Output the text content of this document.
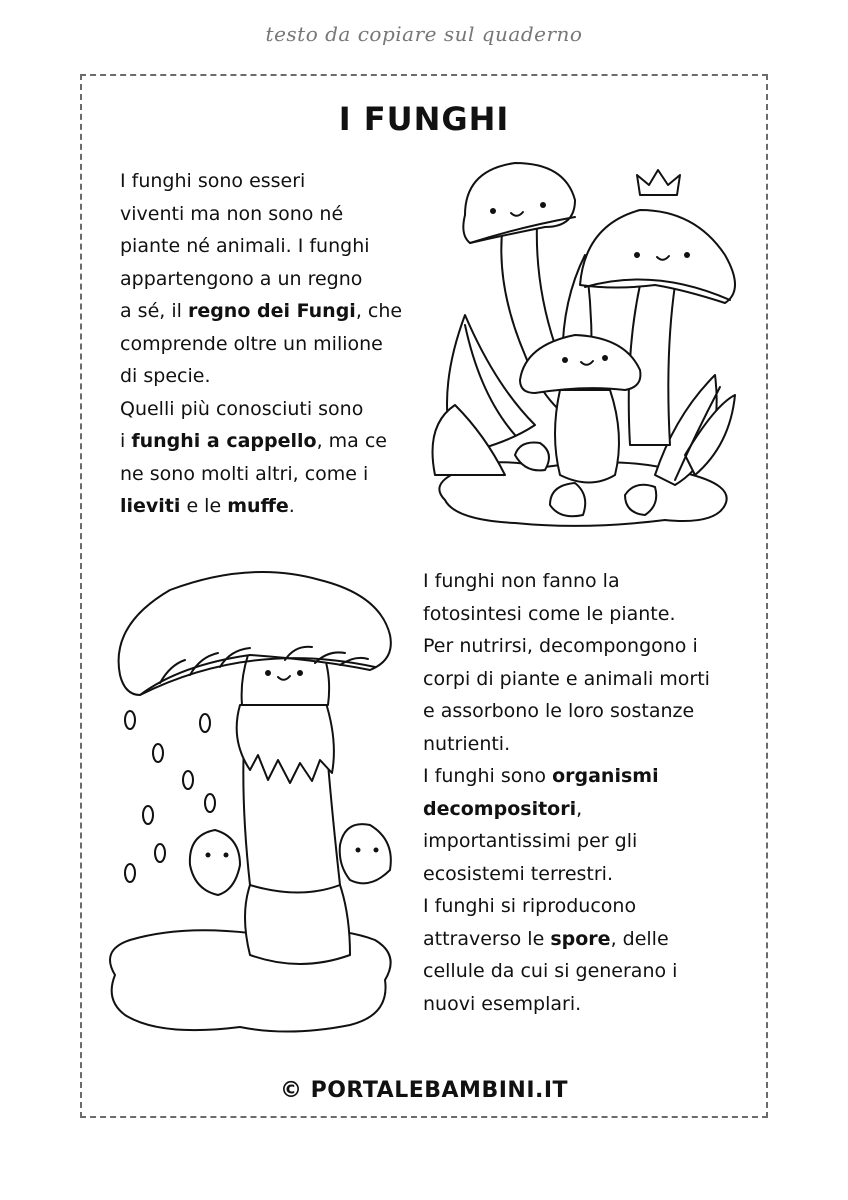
testo da copiare sul quaderno
I FUNGHI

I funghi sono esseri

viventi ma non sono né

piante né animali. I funghi

appartengono a un regno

a sé, il regno dei Fungi, che

comprende oltre un milione

di specie.

Quelli più conosciuti sono

i funghi a cappello, ma ce

ne sono molti altri, come i

lieviti e le muffe.

I funghi non fanno la

fotosintesi come le piante.

Per nutrirsi, decompongono i

corpi di piante e animali morti

e assorbono le loro sostanze

nutrienti.

I funghi sono organismi

decompositori,

importantissimi per gli

ecosistemi terrestri.

I funghi si riproducono

attraverso le spore, delle

cellule da cui si generano i

nuovi esemplari.

© PORTALEBAMBINI.IT
